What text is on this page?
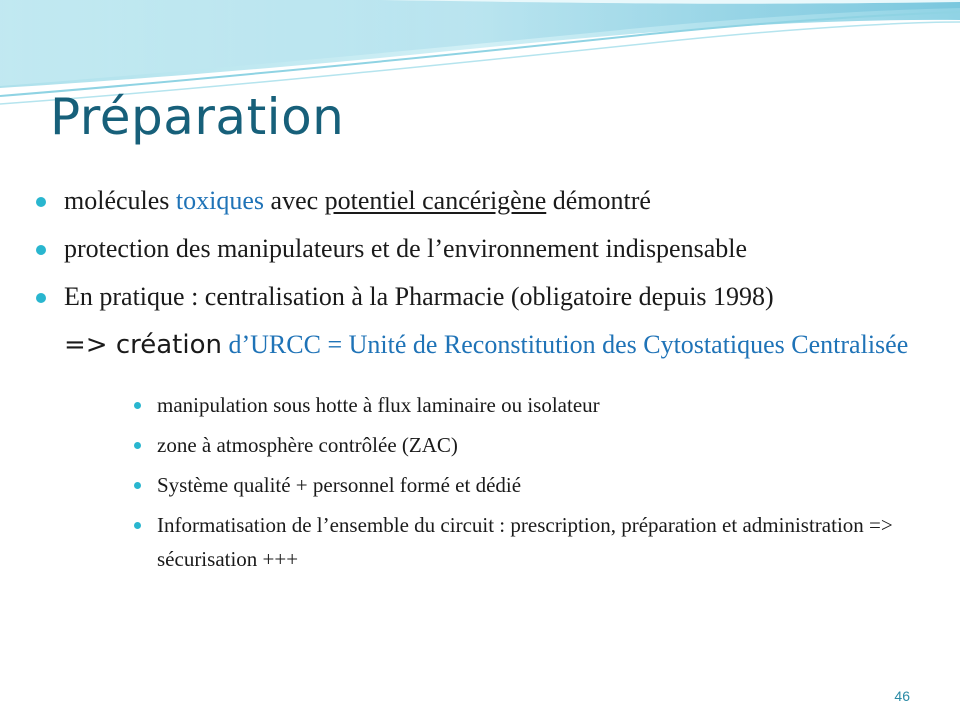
Préparation

molécules toxiques avec potentiel cancérigène démontré

protection des manipulateurs et de l’environnement indispensable

En pratique : centralisation à la Pharmacie (obligatoire depuis 1998)

=> création d’URCC = Unité de Reconstitution des Cytostatiques Centralisée

manipulation sous hotte à flux laminaire ou isolateur

zone à atmosphère contrôlée (ZAC)

Système qualité + personnel formé et dédié

Informatisation de l’ensemble du circuit : prescription, préparation et administration => sécurisation +++

46
